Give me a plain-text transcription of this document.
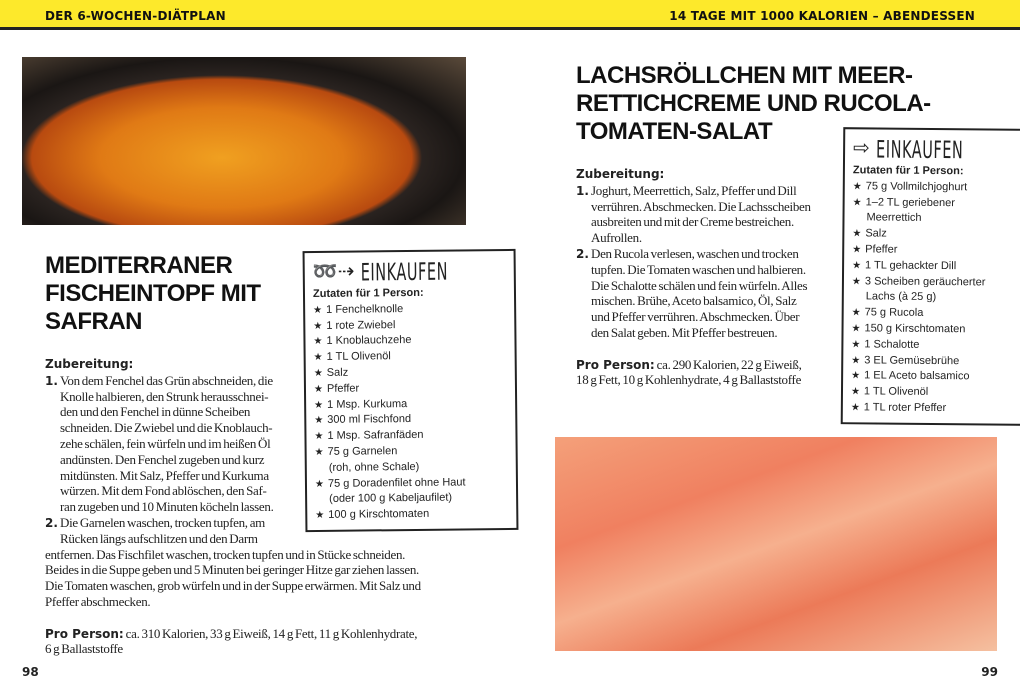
DER 6-WOCHEN-DIÄTPLAN	14 TAGE MIT 1000 KALORIEN – ABENDESSEN
MEDITERRANER
FISCHEINTOPF MIT
SAFRAN
LACHSRÖLLCHEN MIT MEER-
RETTICHCREME UND RUCOLA-
TOMATEN-SALAT
Zubereitung:
1. Von dem Fenchel das Grün abschneiden, die
Knolle halbieren, den Strunk herausschnei-
den und den Fenchel in dünne Scheiben
schneiden. Die Zwiebel und die Knoblauch-
zehe schälen, fein würfeln und im heißen Öl
andünsten. Den Fenchel zugeben und kurz
mitdünsten. Mit Salz, Pfeffer und Kurkuma
würzen. Mit dem Fond ablöschen, den Saf-
ran zugeben und 10 Minuten köcheln lassen.
2. Die Garnelen waschen, trocken tupfen, am
Rücken längs aufschlitzen und den Darm
entfernen. Das Fischfilet waschen, trocken tupfen und in Stücke schneiden.
Beides in die Suppe geben und 5 Minuten bei geringer Hitze gar ziehen lassen.
Die Tomaten waschen, grob würfeln und in der Suppe erwärmen. Mit Salz und
Pfeffer abschmecken.
Pro Person: ca. 310 Kalorien, 33 g Eiweiß, 14 g Fett, 11 g Kohlenhydrate,
6 g Ballaststoffe
Zubereitung:
1. Joghurt, Meerrettich, Salz, Pfeffer und Dill
verrühren. Abschmecken. Die Lachsscheiben
ausbreiten und mit der Creme bestreichen.
Aufrollen.
2. Den Rucola verlesen, waschen und trocken
tupfen. Die Tomaten waschen und halbieren.
Die Schalotte schälen und fein würfeln. Alles
mischen. Brühe, Aceto balsamico, Öl, Salz
und Pfeffer verrühren. Abschmecken. Über
den Salat geben. Mit Pfeffer bestreuen.
Pro Person: ca. 290 Kalorien, 22 g Eiweiß,
18 g Fett, 10 g Kohlenhydrate, 4 g Ballaststoffe
➿⇢ EINKAUFEN
Zutaten für 1 Person:
★ 1 Fenchelknolle
★ 1 rote Zwiebel
★ 1 Knoblauchzehe
★ 1 TL Olivenöl
★ Salz
★ Pfeffer
★ 1 Msp. Kurkuma
★ 300 ml Fischfond
★ 1 Msp. Safranfäden
★ 75 g Garnelen
(roh, ohne Schale)
★ 75 g Doradenfilet ohne Haut
(oder 100 g Kabeljaufilet)
★ 100 g Kirschtomaten
⇨ EINKAUFEN
Zutaten für 1 Person:
★ 75 g Vollmilchjoghurt
★ 1–2 TL geriebener
Meerrettich
★ Salz
★ Pfeffer
★ 1 TL gehackter Dill
★ 3 Scheiben geräucherter
Lachs (à 25 g)
★ 75 g Rucola
★ 150 g Kirschtomaten
★ 1 Schalotte
★ 3 EL Gemüsebrühe
★ 1 EL Aceto balsamico
★ 1 TL Olivenöl
★ 1 TL roter Pfeffer
98	99
